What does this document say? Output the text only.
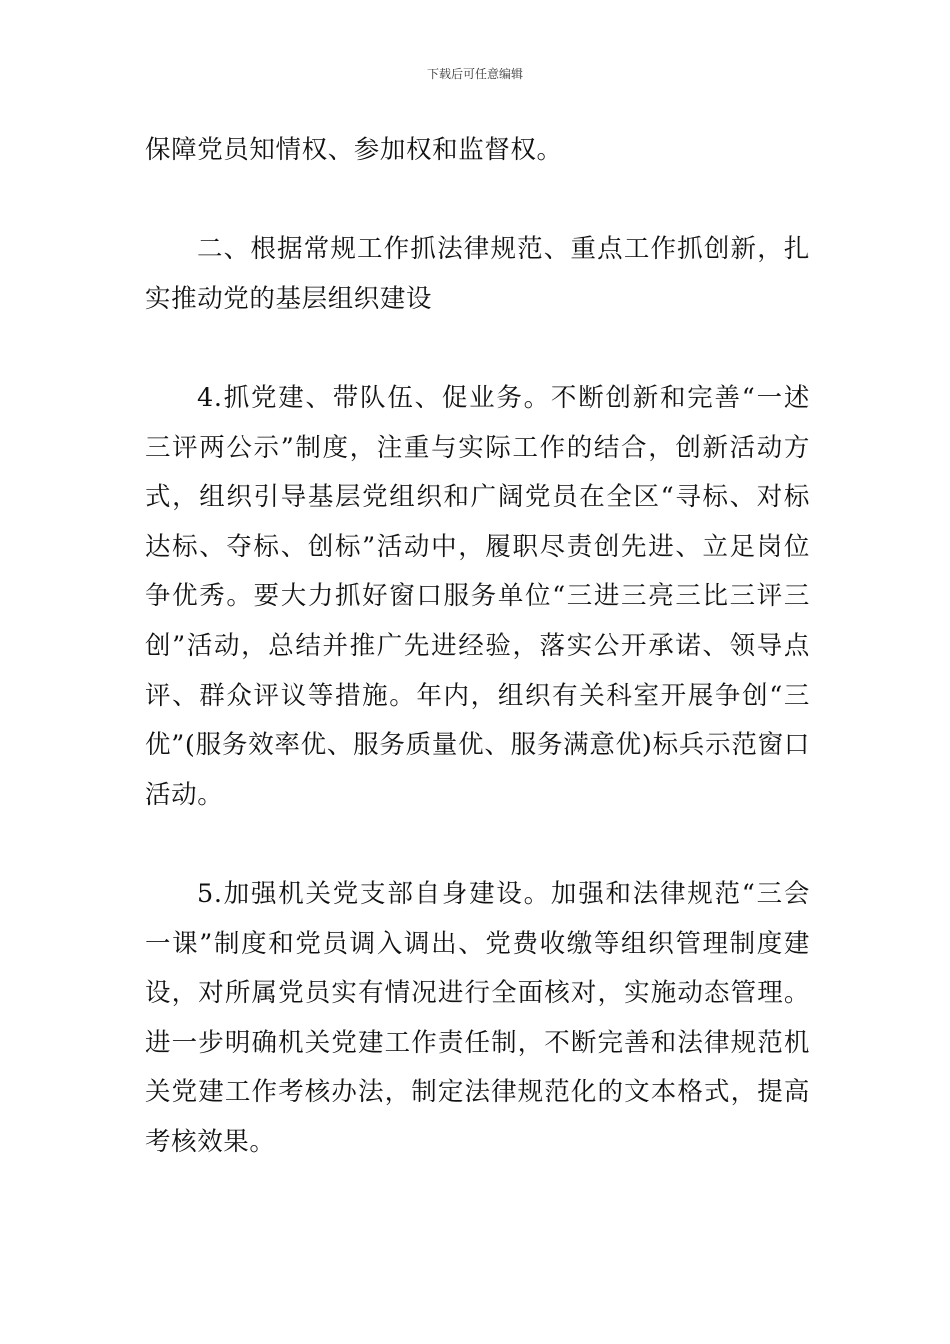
下载后可任意编辑

保障党员知情权、参加权和监督权。

二、根据常规工作抓法律规范、重点工作抓创新，扎实推动党的基层组织建设

4.抓党建、带队伍、促业务。不断创新和完善“一述三评两公示”制度，注重与实际工作的结合，创新活动方式，组织引导基层党组织和广阔党员在全区“寻标、对标达标、夺标、创标”活动中，履职尽责创先进、立足岗位争优秀。要大力抓好窗口服务单位“三进三亮三比三评三创”活动，总结并推广先进经验，落实公开承诺、领导点评、群众评议等措施。年内，组织有关科室开展争创“三优”(服务效率优、服务质量优、服务满意优)标兵示范窗口活动。

5.加强机关党支部自身建设。加强和法律规范“三会一课”制度和党员调入调出、党费收缴等组织管理制度建设，对所属党员实有情况进行全面核对，实施动态管理。进一步明确机关党建工作责任制，不断完善和法律规范机关党建工作考核办法，制定法律规范化的文本格式，提高考核效果。
